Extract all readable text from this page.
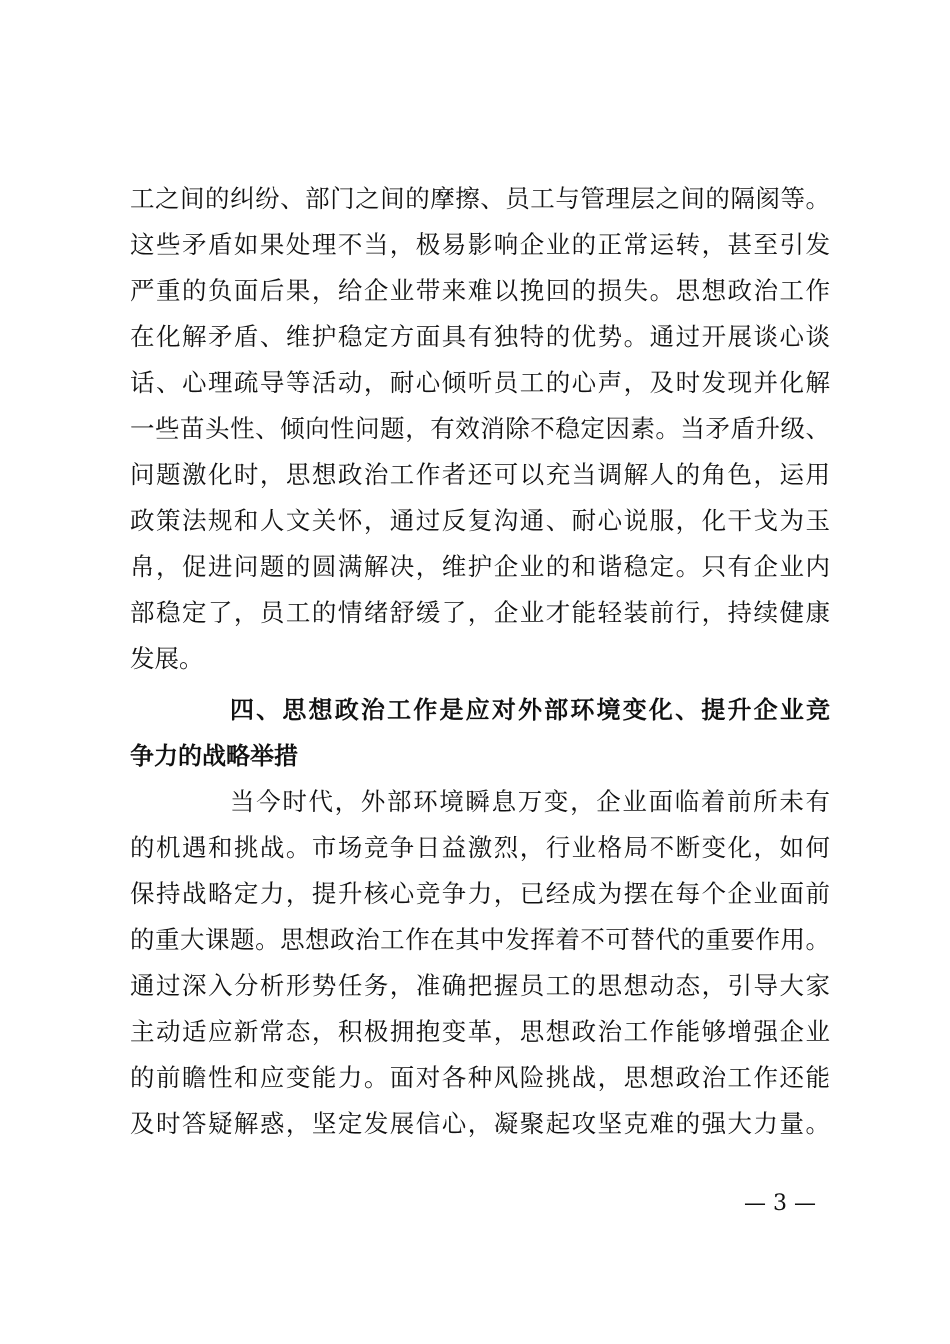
工之间的纠纷、部门之间的摩擦、员工与管理层之间的隔阂等。
这些矛盾如果处理不当，极易影响企业的正常运转，甚至引发
严重的负面后果，给企业带来难以挽回的损失。思想政治工作
在化解矛盾、维护稳定方面具有独特的优势。通过开展谈心谈
话、心理疏导等活动，耐心倾听员工的心声，及时发现并化解
一些苗头性、倾向性问题，有效消除不稳定因素。当矛盾升级、
问题激化时，思想政治工作者还可以充当调解人的角色，运用
政策法规和人文关怀，通过反复沟通、耐心说服，化干戈为玉
帛，促进问题的圆满解决，维护企业的和谐稳定。只有企业内
部稳定了，员工的情绪舒缓了，企业才能轻装前行，持续健康
发展。
四、思想政治工作是应对外部环境变化、提升企业竞
争力的战略举措
当今时代，外部环境瞬息万变，企业面临着前所未有
的机遇和挑战。市场竞争日益激烈，行业格局不断变化，如何
保持战略定力，提升核心竞争力，已经成为摆在每个企业面前
的重大课题。思想政治工作在其中发挥着不可替代的重要作用。
通过深入分析形势任务，准确把握员工的思想动态，引导大家
主动适应新常态，积极拥抱变革，思想政治工作能够增强企业
的前瞻性和应变能力。面对各种风险挑战，思想政治工作还能
及时答疑解惑，坚定发展信心，凝聚起攻坚克难的强大力量。
— 3 —
